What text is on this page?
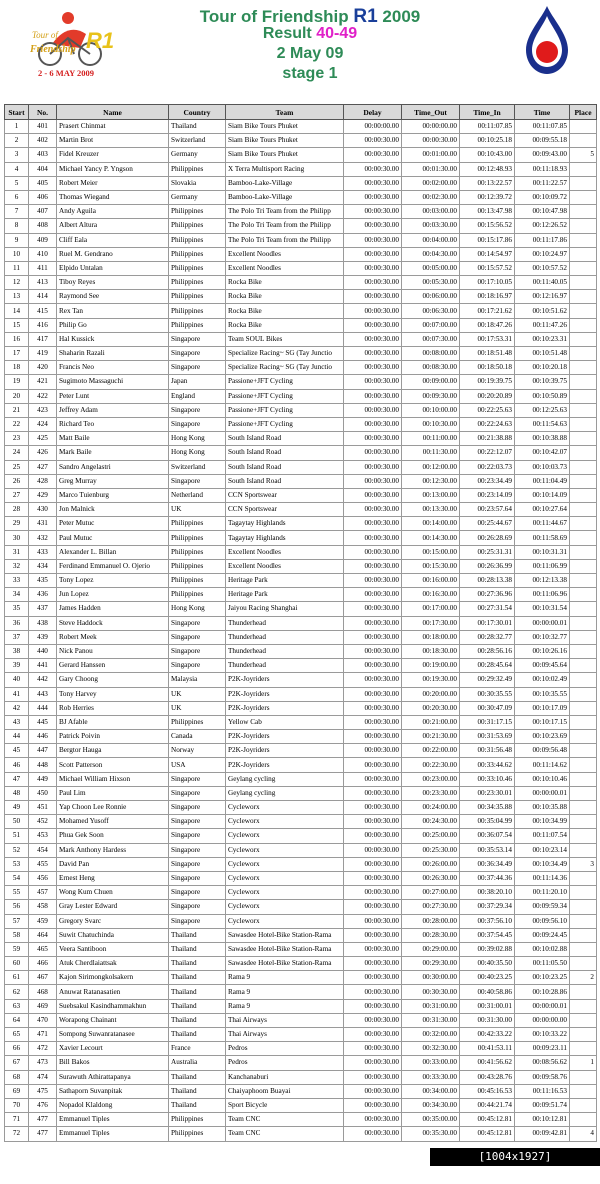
Tour of
Friendship R1
2 - 6 MAY 2009
Tour of Friendship R1 2009
Result 40-49
2 May 09
stage 1
Start	No.	Name	Country	Team	Delay	Time_Out	Time_In	Time	Place
1	401	Prasert Chinmat	Thailand	Siam Bike Tours Phuket	00:00:00.00	00:00:00.00	00:11:07.85	00:11:07.85	
2	402	Martin Brot	Switzerland	Siam Bike Tours Phuket	00:00:30.00	00:00:30.00	00:10:25.18	00:09:55.18	
3	403	Fidel Kreuzer	Germany	Siam Bike Tours Phuket	00:00:30.00	00:01:00.00	00:10:43.00	00:09:43.00	5
4	404	Michael Yancy P. Yngson	Philippines	X Terra Multisport Racing	00:00:30.00	00:01:30.00	00:12:48.93	00:11:18.93	
5	405	Robert Meier	Slovakia	Bamboo-Lake-Village	00:00:30.00	00:02:00.00	00:13:22.57	00:11:22.57	
6	406	Thomas Wiegand	Germany	Bamboo-Lake-Village	00:00:30.00	00:02:30.00	00:12:39.72	00:10:09.72	
7	407	Andy Aguila	Philippines	The Polo Tri Team from the Philipp	00:00:30.00	00:03:00.00	00:13:47.98	00:10:47.98	
8	408	Albert Altura	Philippines	The Polo Tri Team from the Philipp	00:00:30.00	00:03:30.00	00:15:56.52	00:12:26.52	
9	409	Cliff Eala	Philippines	The Polo Tri Team from the Philipp	00:00:30.00	00:04:00.00	00:15:17.86	00:11:17.86	
10	410	Ruel M. Gendrano	Philippines	Excellent Noodles	00:00:30.00	00:04:30.00	00:14:54.97	00:10:24.97	
11	411	Elpido Untalan	Philippines	Excellent Noodles	00:00:30.00	00:05:00.00	00:15:57.52	00:10:57.52	
12	413	Tiboy Reyes	Philippines	Rocka Bike	00:00:30.00	00:05:30.00	00:17:10.05	00:11:40.05	
13	414	Raymond See	Philippines	Rocka Bike	00:00:30.00	00:06:00.00	00:18:16.97	00:12:16.97	
14	415	Rex Tan	Philippines	Rocka Bike	00:00:30.00	00:06:30.00	00:17:21.62	00:10:51.62	
15	416	Philip Go	Philippines	Rocka Bike	00:00:30.00	00:07:00.00	00:18:47.26	00:11:47.26	
16	417	Hal Kussick	Singapore	Team SOUL Bikes	00:00:30.00	00:07:30.00	00:17:53.31	00:10:23.31	
17	419	Shaharin Razali	Singapore	Specialize Racing~ SG (Tay Junctio	00:00:30.00	00:08:00.00	00:18:51.48	00:10:51.48	
18	420	Francis Neo	Singapore	Specialize Racing~ SG (Tay Junctio	00:00:30.00	00:08:30.00	00:18:50.18	00:10:20.18	
19	421	Sugimoto Massaguchi	Japan	Passione+JFT Cycling	00:00:30.00	00:09:00.00	00:19:39.75	00:10:39.75	
20	422	Peter Lunt	England	Passione+JFT Cycling	00:00:30.00	00:09:30.00	00:20:20.89	00:10:50.89	
21	423	Jeffrey Adam	Singapore	Passione+JFT Cycling	00:00:30.00	00:10:00.00	00:22:25.63	00:12:25.63	
22	424	Richard Teo	Singapore	Passione+JFT Cycling	00:00:30.00	00:10:30.00	00:22:24.63	00:11:54.63	
23	425	Matt Baile	Hong Kong	South Island Road	00:00:30.00	00:11:00.00	00:21:38.88	00:10:38.88	
24	426	Mark Baile	Hong Kong	South Island Road	00:00:30.00	00:11:30.00	00:22:12.07	00:10:42.07	
25	427	Sandro Angelastri	Switzerland	South Island Road	00:00:30.00	00:12:00.00	00:22:03.73	00:10:03.73	
26	428	Greg Murray	Singapore	South Island Road	00:00:30.00	00:12:30.00	00:23:34.49	00:11:04.49	
27	429	Marco Tuienburg	Netherland	CCN Sportswear	00:00:30.00	00:13:00.00	00:23:14.09	00:10:14.09	
28	430	Jon Malnick	UK	CCN Sportswear	00:00:30.00	00:13:30.00	00:23:57.64	00:10:27.64	
29	431	Peter Mutuc	Philippines	Tagaytay Highlands	00:00:30.00	00:14:00.00	00:25:44.67	00:11:44.67	
30	432	Paul Mutuc	Philippines	Tagaytay Highlands	00:00:30.00	00:14:30.00	00:26:28.69	00:11:58.69	
31	433	Alexander L. Billan	Philippines	Excellent Noodles	00:00:30.00	00:15:00.00	00:25:31.31	00:10:31.31	
32	434	Ferdinand Emmanuel O. Ojerio	Philippines	Excellent Noodles	00:00:30.00	00:15:30.00	00:26:36.99	00:11:06.99	
33	435	Tony Lopez	Philippines	Heritage Park	00:00:30.00	00:16:00.00	00:28:13.38	00:12:13.38	
34	436	Jun Lopez	Philippines	Heritage Park	00:00:30.00	00:16:30.00	00:27:36.96	00:11:06.96	
35	437	James Hadden	Hong Kong	Jaiyou Racing Shanghai	00:00:30.00	00:17:00.00	00:27:31.54	00:10:31.54	
36	438	Steve Haddock	Singapore	Thunderhead	00:00:30.00	00:17:30.00	00:17:30.01	00:00:00.01	
37	439	Robert Meek	Singapore	Thunderhead	00:00:30.00	00:18:00.00	00:28:32.77	00:10:32.77	
38	440	Nick Panou	Singapore	Thunderhead	00:00:30.00	00:18:30.00	00:28:56.16	00:10:26.16	
39	441	Gerard Hanssen	Singapore	Thunderhead	00:00:30.00	00:19:00.00	00:28:45.64	00:09:45.64	
40	442	Gary Choong	Malaysia	P2K-Joyriders	00:00:30.00	00:19:30.00	00:29:32.49	00:10:02.49	
41	443	Tony Harvey	UK	P2K-Joyriders	00:00:30.00	00:20:00.00	00:30:35.55	00:10:35.55	
42	444	Rob Herries	UK	P2K-Joyriders	00:00:30.00	00:20:30.00	00:30:47.09	00:10:17.09	
43	445	BJ Afable	Philippines	Yellow Cab	00:00:30.00	00:21:00.00	00:31:17.15	00:10:17.15	
44	446	Patrick Poivin	Canada	P2K-Joyriders	00:00:30.00	00:21:30.00	00:31:53.69	00:10:23.69	
45	447	Bergtor Hauga	Norway	P2K-Joyriders	00:00:30.00	00:22:00.00	00:31:56.48	00:09:56.48	
46	448	Scott Patterson	USA	P2K-Joyriders	00:00:30.00	00:22:30.00	00:33:44.62	00:11:14.62	
47	449	Michael William Hixson	Singapore	Geylang cycling	00:00:30.00	00:23:00.00	00:33:10.46	00:10:10.46	
48	450	Paul Lim	Singapore	Geylang cycling	00:00:30.00	00:23:30.00	00:23:30.01	00:00:00.01	
49	451	Yap Choon Lee Ronnie	Singapore	Cycleworx	00:00:30.00	00:24:00.00	00:34:35.88	00:10:35.88	
50	452	Mohamed Yusoff	Singapore	Cycleworx	00:00:30.00	00:24:30.00	00:35:04.99	00:10:34.99	
51	453	Phua Gek Soon	Singapore	Cycleworx	00:00:30.00	00:25:00.00	00:36:07.54	00:11:07.54	
52	454	Mark Anthony Hardess	Singapore	Cycleworx	00:00:30.00	00:25:30.00	00:35:53.14	00:10:23.14	
53	455	David Pan	Singapore	Cycleworx	00:00:30.00	00:26:00.00	00:36:34.49	00:10:34.49	3
54	456	Ernest Heng	Singapore	Cycleworx	00:00:30.00	00:26:30.00	00:37:44.36	00:11:14.36	
55	457	Wong Kum Chuen	Singapore	Cycleworx	00:00:30.00	00:27:00.00	00:38:20.10	00:11:20.10	
56	458	Gray Lester Edward	Singapore	Cycleworx	00:00:30.00	00:27:30.00	00:37:29.34	00:09:59.34	
57	459	Gregory Svarc	Singapore	Cycleworx	00:00:30.00	00:28:00.00	00:37:56.10	00:09:56.10	
58	464	Suwit Chatuchinda	Thailand	Sawasdee Hotel-Bike Station-Rama	00:00:30.00	00:28:30.00	00:37:54.45	00:09:24.45	
59	465	Veera Santiboon	Thailand	Sawasdee Hotel-Bike Station-Rama	00:00:30.00	00:29:00.00	00:39:02.88	00:10:02.88	
60	466	Atuk Cherdlaiattsak	Thailand	Sawasdee Hotel-Bike Station-Rama	00:00:30.00	00:29:30.00	00:40:35.50	00:11:05.50	
61	467	Kajon Sirimongkolsakern	Thailand	Rama 9	00:00:30.00	00:30:00.00	00:40:23.25	00:10:23.25	2
62	468	Anuwat Ratanasatien	Thailand	Rama 9	00:00:30.00	00:30:30.00	00:40:58.86	00:10:28.86	
63	469	Suebsakul Kasindhammakhun	Thailand	Rama 9	00:00:30.00	00:31:00.00	00:31:00.01	00:00:00.01	
64	470	Worapong Chainant	Thailand	Thai Airways	00:00:30.00	00:31:30.00	00:31:30.00	00:00:00.00	
65	471	Sompong Suwanratanasee	Thailand	Thai Airways	00:00:30.00	00:32:00.00	00:42:33.22	00:10:33.22	
66	472	Xavier Lecourt	France	Pedros	00:00:30.00	00:32:30.00	00:41:53.11	00:09:23.11	
67	473	Bill Bakos	Australia	Pedros	00:00:30.00	00:33:00.00	00:41:56.62	00:08:56.62	1
68	474	Surawuth Athirattapanya	Thailand	Kanchanaburi	00:00:30.00	00:33:30.00	00:43:28.76	00:09:58.76	
69	475	Sathaporn Suvanpitak	Thailand	Chaiyaphoom Buayai	00:00:30.00	00:34:00.00	00:45:16.53	00:11:16.53	
70	476	Nopadol Klaldong	Thailand	Sport Bicycle	00:00:30.00	00:34:30.00	00:44:21.74	00:09:51.74	
71	477	Emmanuel Tiples	Philippines	Team CNC	00:00:30.00	00:35:00.00	00:45:12.81	00:10:12.81	
72	477	Emmanuel Tiples	Philippines	Team CNC	00:00:30.00	00:35:30.00	00:45:12.81	00:09:42.81	4
[1004x1927] https://upic.me/
